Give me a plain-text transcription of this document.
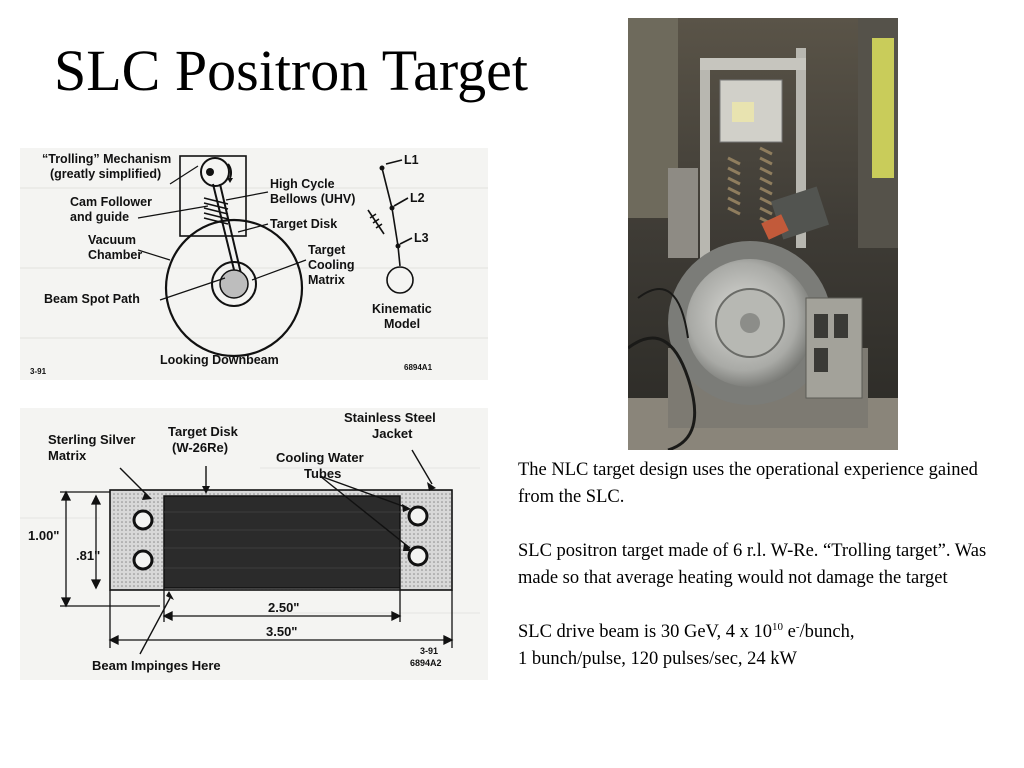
SLC Positron Target
“Trolling” Mechanism
(greatly simplified)
Cam Follower
and guide
Vacuum
Chamber
Beam Spot Path
High Cycle
Bellows (UHV)
Target Disk
Target
Cooling
Matrix
Looking Downbeam
L1
L2
L3
Kinematic
Model
3-91	6894A1
Sterling Silver
Matrix
Target Disk
(W-26Re)
Cooling Water
Tubes
Stainless Steel
Jacket
1.00"
.81"
2.50"
3.50"
Beam Impinges Here
3-91
6894A2

The NLC target design uses the operational experience gained from the SLC.

SLC positron target made of 6 r.l. W-Re. “Trolling target”. Was made so that average heating would not damage the target

SLC drive beam is 30 GeV, 4 x $10^{10}$ e-/bunch,
1 bunch/pulse, 120 pulses/sec, 24 kW
